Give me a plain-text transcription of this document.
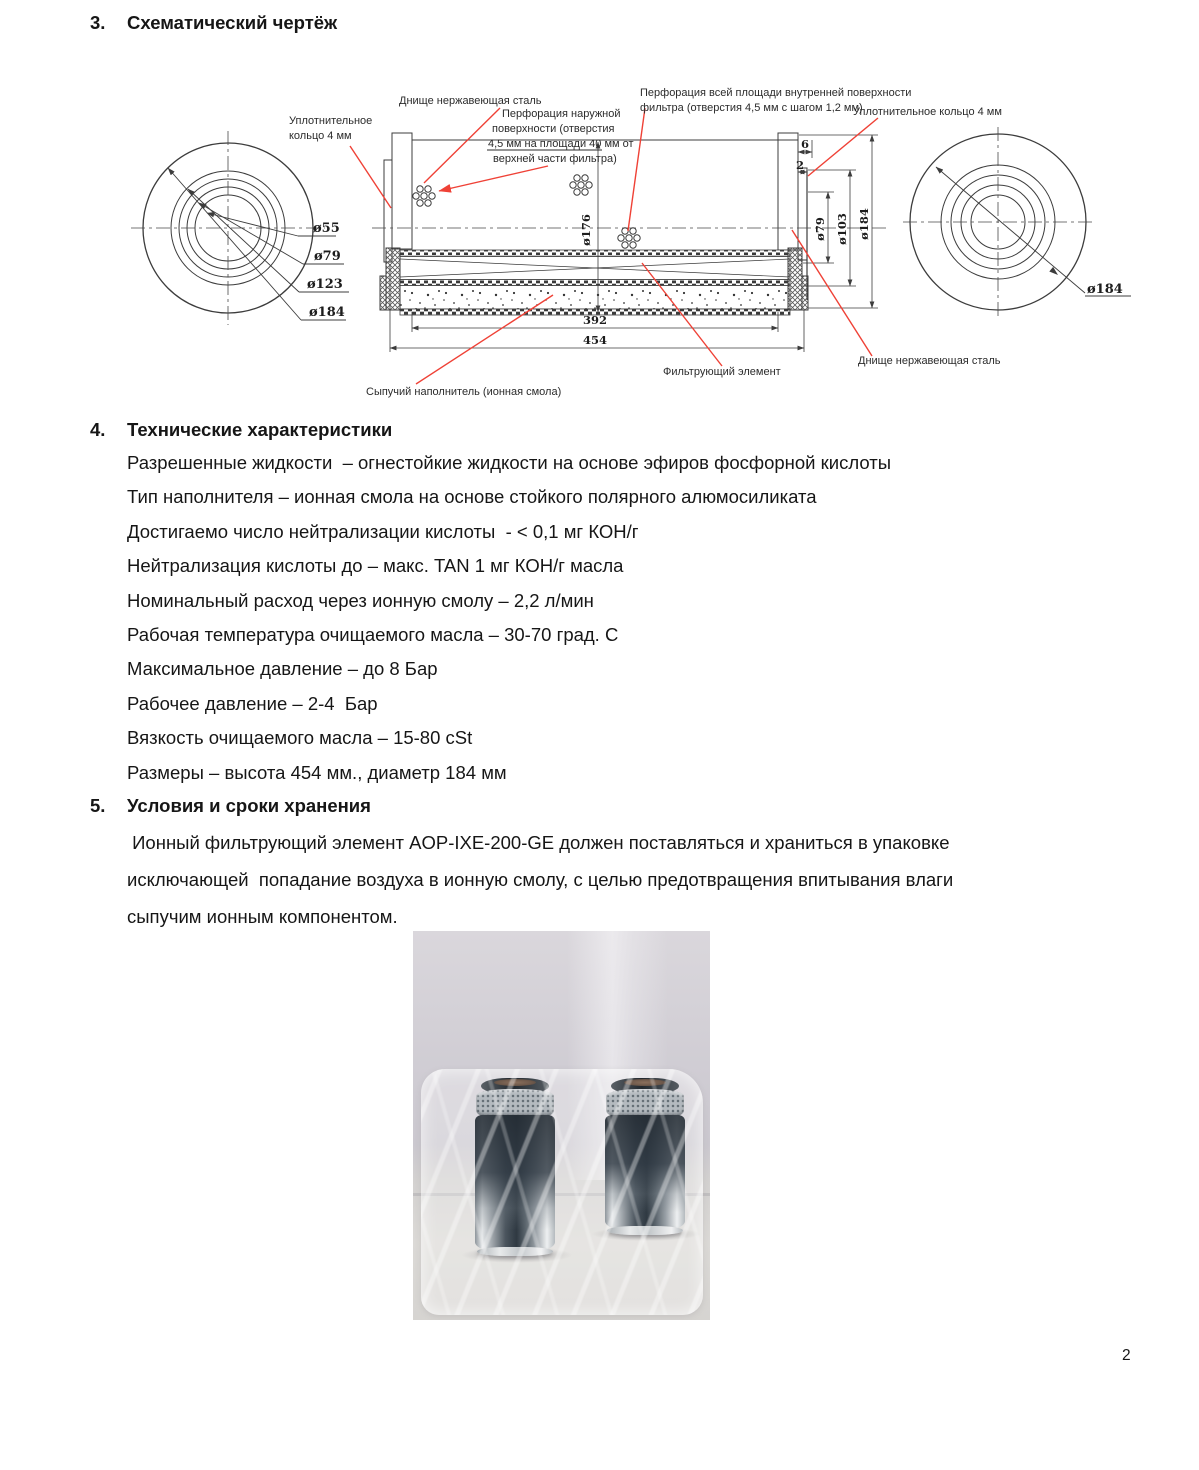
3.	Схематический чертёж
ø55
ø79
ø123
ø184	392
454
6
2
ø176	ø79 ø103 ø184
ø184
Днище нержавеющая сталь
Уплотнительное
кольцо 4 мм
Перфорация наружной
поверхности (отверстия
4,5 мм на площади 40 мм от
верхней части фильтра)
Перфорация всей площади внутренней поверхности
фильтра (отверстия 4,5 мм с шагом 1,2 мм)
Уплотнительное кольцо 4 мм
Фильтрующий элемент
Днище нержавеющая сталь
Сыпучий наполнитель (ионная смола)
4.	Технические характеристики
Разрешенные жидкости  – огнестойкие жидкости на основе эфиров фосфорной кислоты
Тип наполнителя – ионная смола на основе стойкого полярного алюмосиликата
Достигаемо число нейтрализации кислоты  - < 0,1 мг КОН/г
Нейтрализация кислоты до – макс. TAN 1 мг КОН/г масла
Номинальный расход через ионную смолу – 2,2 л/мин
Рабочая температура очищаемого масла – 30-70 град. С
Максимальное давление – до 8 Бар
Рабочее давление – 2-4  Бар
Вязкость очищаемого масла – 15-80 cSt
Размеры – высота 454 мм., диаметр 184 мм
5.	Условия и сроки хранения
Ионный фильтрующий элемент AOP-IXE-200-GE должен поставляться и храниться в упаковке
исключающей  попадание воздуха в ионную смолу, с целью предотвращения впитывания влаги
сыпучим ионным компонентом.
2
